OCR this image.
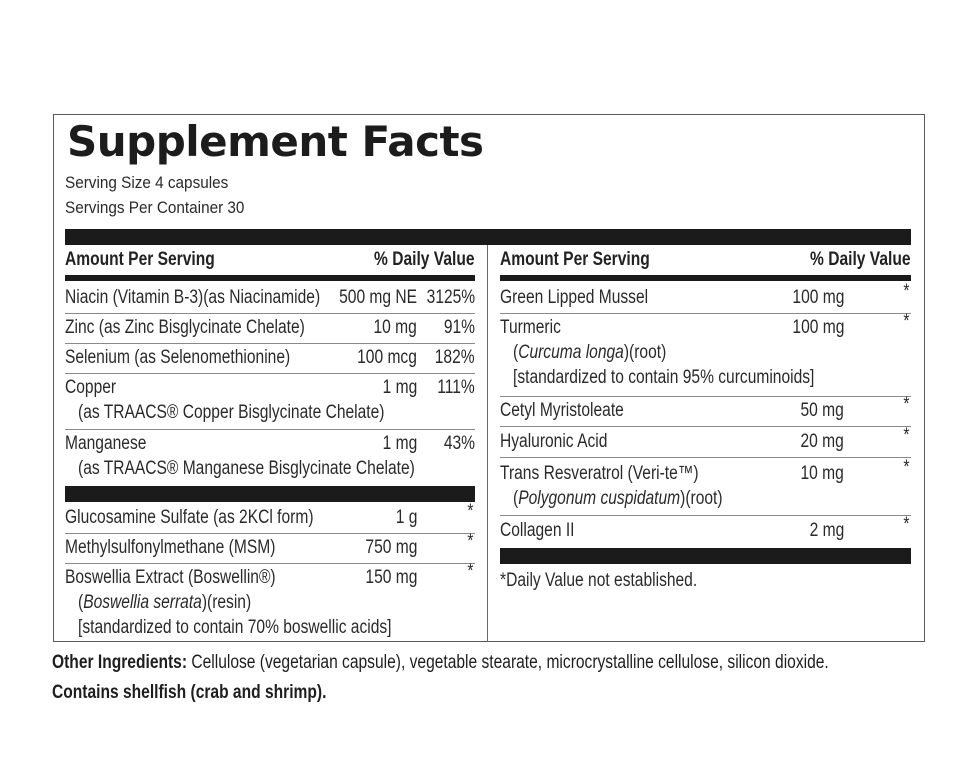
Supplement Facts
Serving Size 4 capsules
Servings Per Container 30
Amount Per Serving	% Daily Value
Niacin (Vitamin B-3)(as Niacinamide) 500 mg NE 3125%
Zinc (as Zinc Bisglycinate Chelate)	10 mg	91%
Selenium (as Selenomethionine)	100 mcg 182%
Copper
(as TRAACS® Copper Bisglycinate Chelate)
1 mg	111%
Manganese
(as TRAACS® Manganese Bisglycinate Chelate)
1 mg	43%
Glucosamine Sulfate (as 2KCl form)	1 g	*
Methylsulfonylmethane (MSM)	750 mg	*
Boswellia Extract (Boswellin®)
(Boswellia serrata)(resin)
[standardized to contain 70% boswellic acids]
150 mg	*
Amount Per Serving	% Daily Value
Green Lipped Mussel	100 mg	*
Turmeric
(Curcuma longa)(root)
[standardized to contain 95% curcuminoids]
100 mg	*
Cetyl Myristoleate	50 mg	*
Hyaluronic Acid	20 mg	*
Trans Resveratrol (Veri-te™)
(Polygonum cuspidatum)(root)
10 mg	*
Collagen II	2 mg	*
*Daily Value not established.
Other Ingredients: Cellulose (vegetarian capsule), vegetable stearate, microcrystalline cellulose, silicon dioxide.
Contains shellfish (crab and shrimp).
